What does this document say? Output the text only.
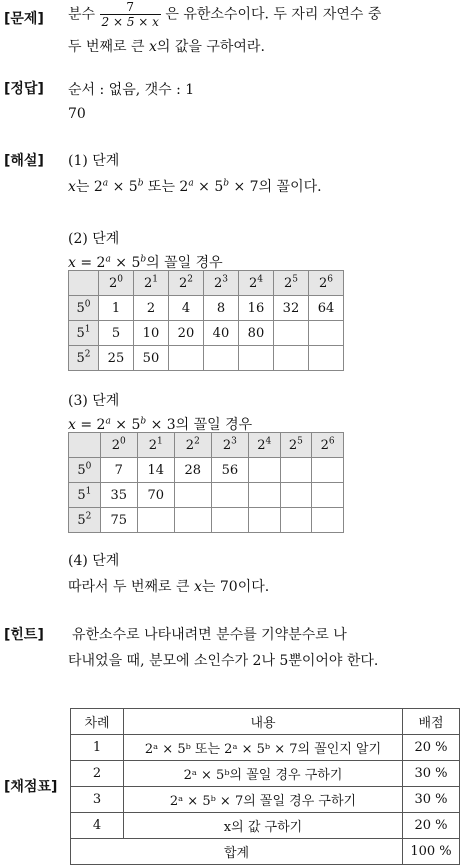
[문제]
[정답]
[해설]
[힌트]
[채점표]
분수 $\frac{7}{2 \times 5 \times x}$ 은 유한소수이다. 두 자리 자연수 중
두 번째로 큰 x의 값을 구하여라.
순서 : 없음, 갯수 : 1
70
(1) 단계
x는 $2^a \times 5^b$ 또는 $2^a \times 5^b \times 7$의 꼴이다.
(2) 단계
$x = 2^a \times 5^b$의 꼴일 경우
	$2^0$	$2^1$	$2^2$	$2^3$	$2^4$	$2^5$	$2^6$
$5^0$	1	2	4	8	16	32	64
$5^1$	5	10	20	40	80		
$5^2$	25	50					
(3) 단계
$x = 2^a \times 5^b \times 3$의 꼴일 경우
	$2^0$	$2^1$	$2^2$	$2^3$	$2^4$	$2^5$	$2^6$
$5^0$	7	14	28	56			
$5^1$	35	70					
$5^2$	75						
(4) 단계
따라서 두 번째로 큰 x는 70이다.
유한소수로 나타내려면 분수를 기약분수로 나
타내었을 때, 분모에 소인수가 2나 5뿐이어야 한다.
차례	내용	배점
1	2ᵃ × 5ᵇ 또는 2ᵃ × 5ᵇ × 7의 꼴인지 알기	20 %
2	2ᵃ × 5ᵇ의 꼴일 경우 구하기	30 %
3	2ᵃ × 5ᵇ × 7의 꼴일 경우 구하기	30 %
4	x의 값 구하기	20 %
합계		100 %
